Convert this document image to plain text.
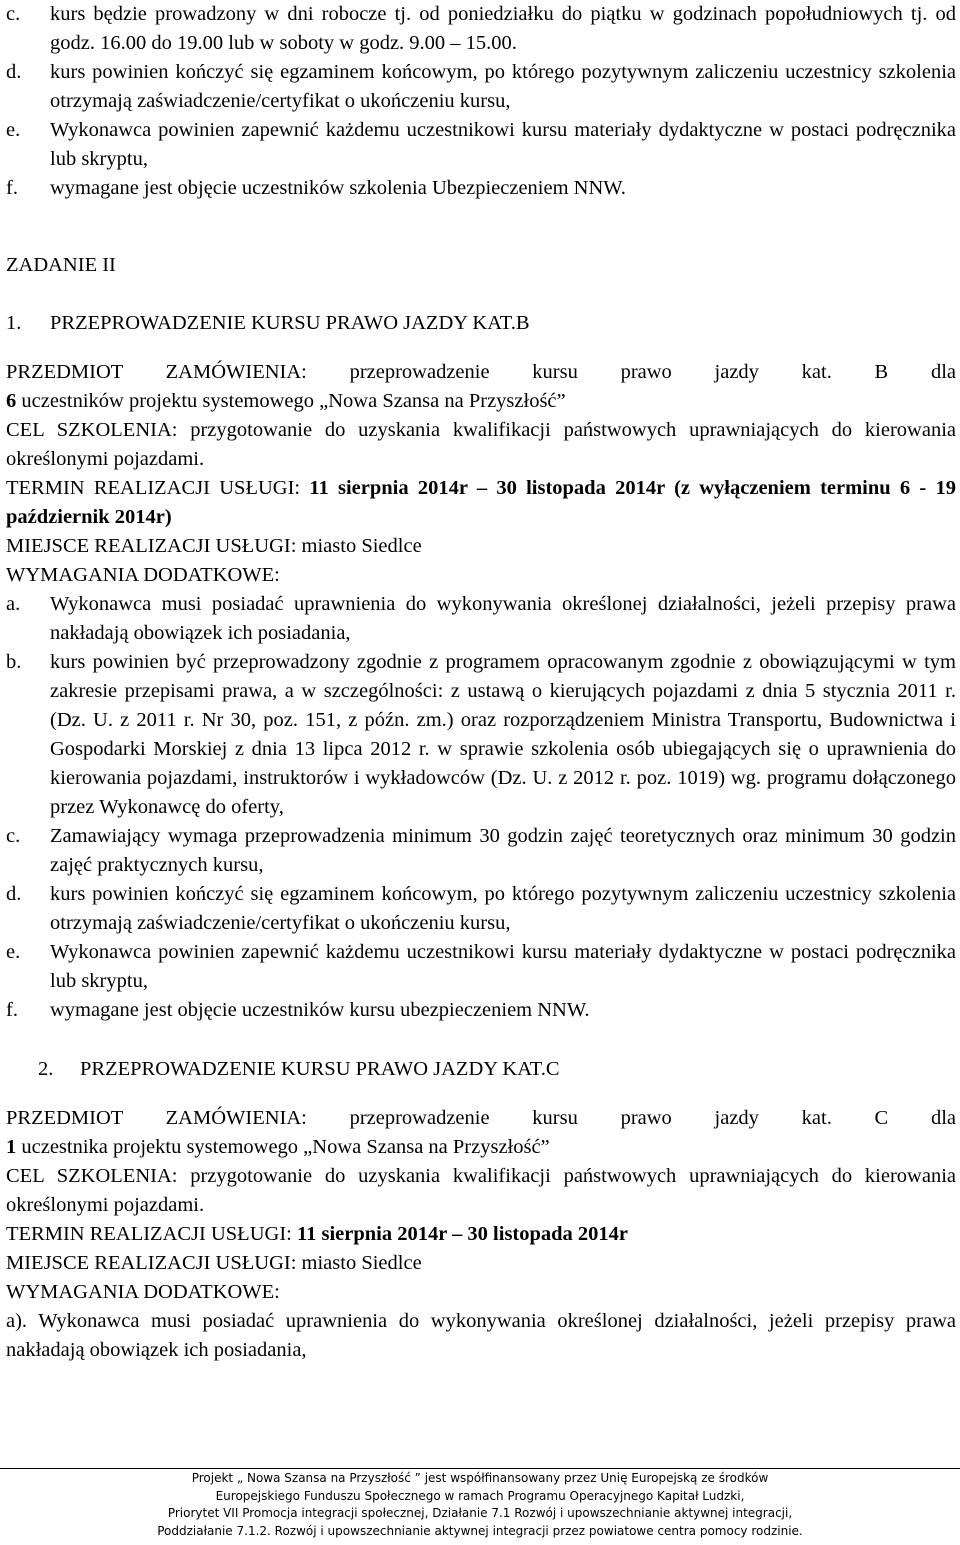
c. kurs będzie prowadzony w dni robocze tj. od poniedziałku do piątku w godzinach popołudniowych tj. od godz. 16.00 do 19.00 lub w soboty w godz. 9.00 – 15.00.
d. kurs powinien kończyć się egzaminem końcowym, po którego pozytywnym zaliczeniu uczestnicy szkolenia otrzymają zaświadczenie/certyfikat o ukończeniu kursu,
e. Wykonawca powinien zapewnić każdemu uczestnikowi kursu materiały dydaktyczne w postaci podręcznika lub skryptu,
f. wymagane jest objęcie uczestników szkolenia Ubezpieczeniem NNW.
ZADANIE II
1. PRZEPROWADZENIE KURSU PRAWO JAZDY KAT.B
PRZEDMIOT ZAMÓWIENIA: przeprowadzenie kursu prawo jazdy kat. B dla
6 uczestników projektu systemowego „Nowa Szansa na Przyszłość”
CEL SZKOLENIA: przygotowanie do uzyskania kwalifikacji państwowych uprawniających do kierowania określonymi pojazdami.
TERMIN REALIZACJI USŁUGI: 11 sierpnia 2014r – 30 listopada 2014r (z wyłączeniem terminu 6 - 19 październik 2014r)
MIEJSCE REALIZACJI USŁUGI: miasto Siedlce
WYMAGANIA DODATKOWE:
a. Wykonawca musi posiadać uprawnienia do wykonywania określonej działalności, jeżeli przepisy prawa nakładają obowiązek ich posiadania,
b. kurs powinien być przeprowadzony zgodnie z programem opracowanym zgodnie z obowiązującymi w tym zakresie przepisami prawa, a w szczególności: z ustawą o kierujących pojazdami z dnia 5 stycznia 2011 r. (Dz. U. z 2011 r. Nr 30, poz. 151, z późn. zm.) oraz rozporządzeniem Ministra Transportu, Budownictwa i Gospodarki Morskiej z dnia 13 lipca 2012 r. w sprawie szkolenia osób ubiegających się o uprawnienia do kierowania pojazdami, instruktorów i wykładowców (Dz. U. z 2012 r. poz. 1019) wg. programu dołączonego przez Wykonawcę do oferty,
c. Zamawiający wymaga przeprowadzenia minimum 30 godzin zajęć teoretycznych oraz minimum 30 godzin zajęć praktycznych kursu,
d. kurs powinien kończyć się egzaminem końcowym, po którego pozytywnym zaliczeniu uczestnicy szkolenia otrzymają zaświadczenie/certyfikat o ukończeniu kursu,
e. Wykonawca powinien zapewnić każdemu uczestnikowi kursu materiały dydaktyczne w postaci podręcznika lub skryptu,
f. wymagane jest objęcie uczestników kursu ubezpieczeniem NNW.
2. PRZEPROWADZENIE KURSU PRAWO JAZDY KAT.C
PRZEDMIOT ZAMÓWIENIA: przeprowadzenie kursu prawo jazdy kat. C dla
1 uczestnika projektu systemowego „Nowa Szansa na Przyszłość”
CEL SZKOLENIA: przygotowanie do uzyskania kwalifikacji państwowych uprawniających do kierowania określonymi pojazdami.
TERMIN REALIZACJI USŁUGI: 11 sierpnia 2014r – 30 listopada 2014r
MIEJSCE REALIZACJI USŁUGI: miasto Siedlce
WYMAGANIA DODATKOWE:
a). Wykonawca musi posiadać uprawnienia do wykonywania określonej działalności, jeżeli przepisy prawa nakładają obowiązek ich posiadania,
Projekt „ Nowa Szansa na Przyszłość ” jest współfinansowany przez Unię Europejską ze środków
Europejskiego Funduszu Społecznego w ramach Programu Operacyjnego Kapitał Ludzki,
Priorytet VII Promocja integracji społecznej, Działanie 7.1 Rozwój i upowszechnianie aktywnej integracji,
Poddziałanie 7.1.2. Rozwój i upowszechnianie aktywnej integracji przez powiatowe centra pomocy rodzinie.
